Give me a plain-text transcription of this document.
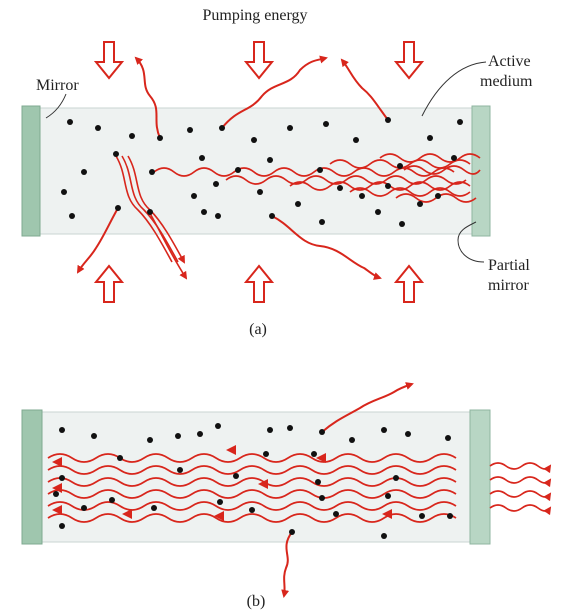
Pumping energy
Mirror
Active
medium
Partial
mirror
(a)
(b)
